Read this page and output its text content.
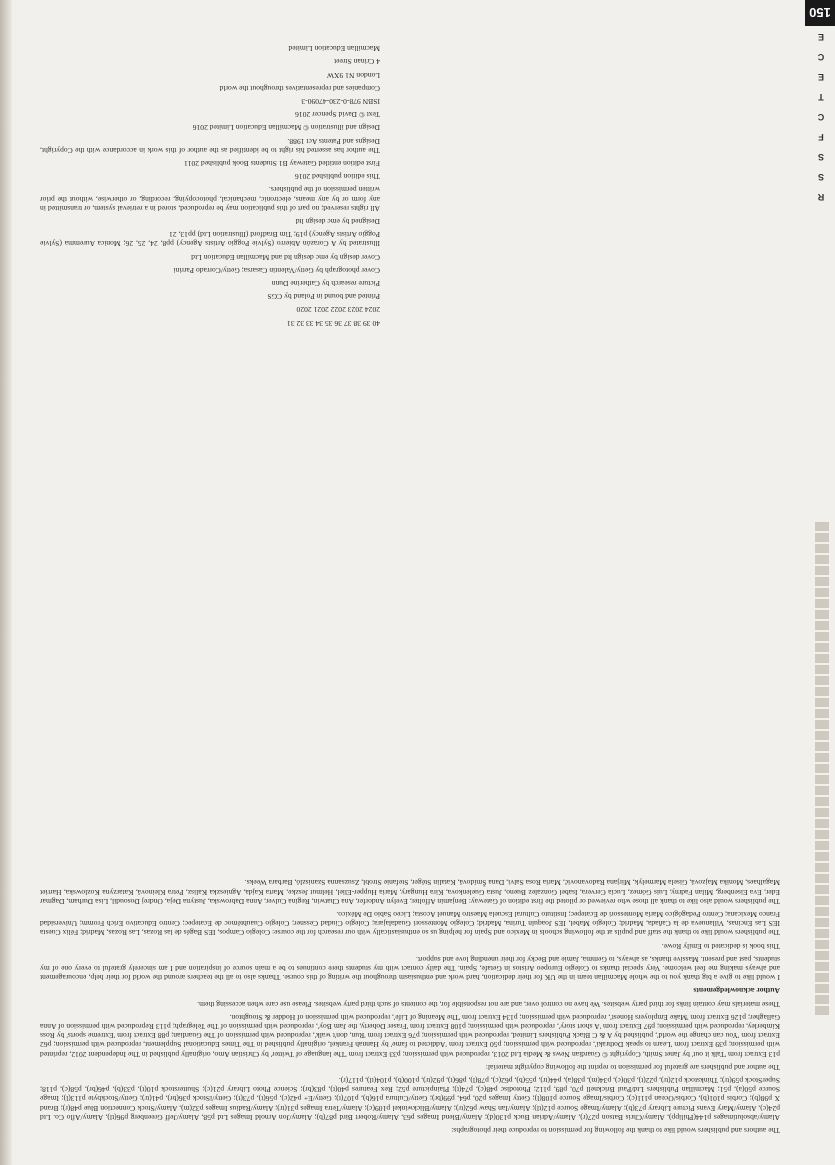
The authors and publishers would like to thank the following for permission to reproduce their photographs:

Alamy/absolutimages p144(Philipp), Alamy/Chris Batson p27(r), Alamy/Adrian Buck p130(d); Alamy/Blend Images p63, Alamy/Robert Bird p87(b); Alamy/Jon Arnold Images Ltd p58, Alamy/Jeff Greenberg p96(tl), Alamy/Aflo Co. Ltd p24(c), Alamy/Mary Evans Picture Library p73(b); Alamy/Image Source p12(tl); Alamy/Ian Shaw p62(tr); Alamy/Blickwinkel p109(c); Alamy/Tetra Images p31(tr); Alamy/Radius Images p32(m), Alamy/Stock Connection Blue p48(r); Brand X p98(b); Corbis p101(b), Corbis/Ocean p111(c); Corbis/Image Source p108(l); Getty Images p20, p64, p99(br); Getty/Cultura p16(b), p107(t); Getty/E+ p42(c), p56(t), p73(t); Getty/iStock p36(br), p41(tr); Getty/Stockbyte p113(l); Image Source p50(a), p51; Macmillan Publishers Ltd/Paul Bricknell p70, p89, p112; Photodisc p48(c), p74(t); Plainpicture p52; Rex Features p40(t), p83(br); Science Photo Library p21(c); Shutterstock p10(t), p33(b), p46(br), p58(c), p118; SuperStock p59(tr); Thinkstock p12(tr), p22(t), p30(c), p34(m), p38(a), p44(tr), p55(b), p62(c), p78(l), p86(t), p92(tr), p100(b), p104(tl), p117(r).

The author and publishers are grateful for permission to reprint the following copyright material:

p13 Extract from 'Talk it out' by Janet Smith, Copyright © Guardian News & Media Ltd 2013, reproduced with permission; p33 Extract from 'The language of Twitter' by Christian Amo, originally published in The Independent 2012, reprinted with permission; p39 Extract from 'Learn to speak Dothraki', reproduced with permission; p50 Extract from 'Addicted to fame' by Hannah Frankel, originally published in The Times Educational Supplement, reproduced with permission; p62 Extract from 'You can change the world', published by A & C Black Publishers Limited, reproduced with permission; p76 Extract from 'Run, don't walk', reproduced with permission of The Guardian; p88 Extract from 'Extreme sports' by Ross Kimberley, reproduced with permission; p97 Extract from 'A short story', reproduced with permission; p108 Extract from 'Fraser Doherty, the Jam Boy', reproduced with permission of The Telegraph; p113 Reproduced with permission of Anna Gallagher; p126 Extract from 'Make Employers Honest', reproduced with permission; p134 Extract from 'The Meaning of Life', reproduced with permission of Hodder & Stoughton.

These materials may contain links for third party websites. We have no control over, and are not responsible for, the contents of such third party websites. Please use care when accessing them.

Author acknowledgements

I would like to give a big thank you to the whole Macmillan team in the UK for their dedication, hard work and enthusiasm throughout the writing of this course. Thanks also to all the teachers around the world for their help, encouragement and always making me feel welcome. Very special thanks to Colegio Europeo Aristos in Getafe, Spain. The daily contact with my students there continues to be a main source of inspiration and I am sincerely grateful to every one of my students, past and present. Massive thanks, as always, to Gemma, Jamie and Becky for their unending love and support.

This book is dedicated to Emily Rowe.

The publishers would like to thank the staff and pupils at the following schools in Mexico and Spain for helping us so enthusiastically with our research for the course: Colegio Campos, IES Bagés de las Rozas, Las Rozas, Madrid; Félix Cuesta IES Las Encinas, Villanueva de la Cañada, Madrid; Colegio Mabel, IES Joaquín Turina, Madrid; Colegio Montessori Guadalajara; Colegio Ciudad Cessner; Colegio Cuauhtémoc de Ecatepec; Centro Educativo Erich Fromm; Universidad Franco Mexicana; Centro Pedagógico María Montessori de Ecatepec; Instituto Cultural Escuela Maestro Manuel Acosta; Liceo Sabio De México.

The publishers would also like to thank all those who reviewed or piloted the first edition of Gateway: Benjamin Affolter, Evelyn Andorfer, Ana Chatwin, Regina Culver, Anna Dabrowska, Justyna Deja, Ondrej Dosoudil, Lisa Durham, Dagmar Eder, Eva Eisenberg, Milan Fadrny, Luis Gómez, Lucía Cervera, Isabel Gonzalez Bueno, Justa Guelenkova, Kira Hungary, Maria Hupper-Eliel, Helmut Jeszke, Marta Kajda, Agnieszka Kalisz, Petra Kleinová, Katarzyna Kozlowska, Harriet Magalhaes, Monika Majzová, Gisela Marmelyk, Mirjana Radovanović, Maria Rosa Salvi, Dana Šmídová, Katalin Stéger, Stefanie Strobl, Zsuzsanna Szaniszló, Barbara Weeks.

40 39 38 37 36 35 34 33 32 31

2024 2023 2022 2021 2020

Printed and bound in Poland by CGS

Picture research by Catherine Dunn

Cover photograph by Getty/Valentin Casarsa; Getty/Corrado Parrini

Cover design by emc design ltd and Macmillan Education Ltd

Illustrated by A Corazón Abierro (Sylvie Poggio Artists Agency) pp8, 24, 25, 26; Monica Auremma (Sylvie Poggio Artists Agency) p19; Tim Bradford (Illustration Ltd) pp13, 21

Designed by emc design ltd

All rights reserved; no part of this publication may be reproduced, stored in a retrieval system, or transmitted in any form or by any means, electronic, mechanical, photocopying, recording, or otherwise, without the prior written permission of the publishers.

This edition published 2016

First edition entitled Gateway B1 Students Book published 2011

The author has asserted his right to be identified as the author of this work in accordance with the Copyright, Designs and Patents Act 1988.

Design and illustration © Macmillan Education Limited 2016

Text © David Spencer 2016

ISBN 978-0-230-47090-3

Companies and representatives throughout the world

London N1 9XW

4 Crinan Street

Macmillan Education Limited

150
E
C
E
T
C
F
S
S
R
